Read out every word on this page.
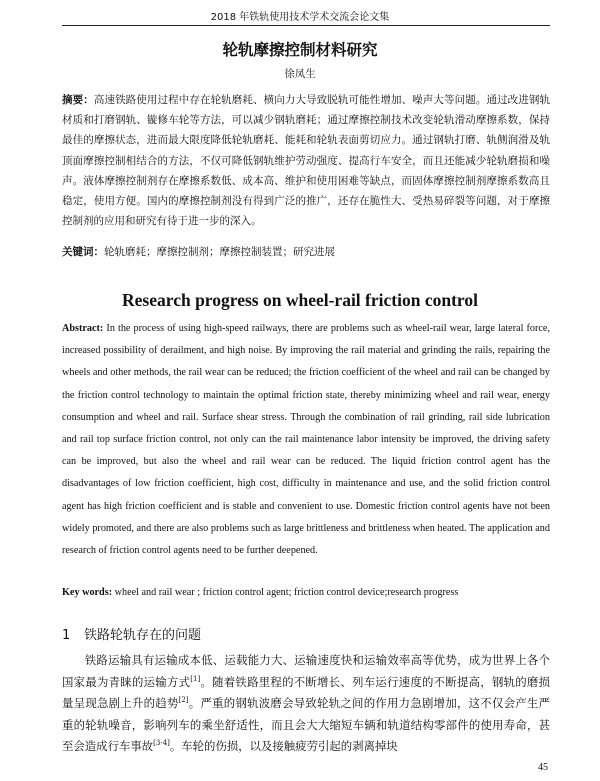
2018 年铁轨使用技术学术交流会论文集
轮轨摩擦控制材料研究
徐凤生
摘要：高速铁路使用过程中存在轮轨磨耗、横向力大导致脱轨可能性增加、噪声大等问题。通过改进钢轨材质和打磨钢轨、镟修车轮等方法，可以减少钢轨磨耗；通过摩擦控制技术改变轮轨滑动摩擦系数，保持最佳的摩擦状态，进而最大限度降低轮轨磨耗、能耗和轮轨表面剪切应力。通过钢轨打磨、轨侧润滑及轨顶面摩擦控制相结合的方法，不仅可降低钢轨维护劳动强度、提高行车安全，而且还能减少轮轨磨损和噪声。液体摩擦控制剂存在摩擦系数低、成本高、维护和使用困难等缺点，而固体摩擦控制剂摩擦系数高且稳定，使用方便。国内的摩擦控制剂没有得到广泛的推广，还存在脆性大、受热易碎裂等问题，对于摩擦控制剂的应用和研究有待于进一步的深入。
关键词：轮轨磨耗；摩擦控制剂；摩擦控制装置；研究进展
Research progress on wheel-rail friction control
Abstract: In the process of using high-speed railways, there are problems such as wheel-rail wear, large lateral force, increased possibility of derailment, and high noise. By improving the rail material and grinding the rails, repairing the wheels and other methods, the rail wear can be reduced; the friction coefficient of the wheel and rail can be changed by the friction control technology to maintain the optimal friction state, thereby minimizing wheel and rail wear, energy consumption and wheel and rail. Surface shear stress. Through the combination of rail grinding, rail side lubrication and rail top surface friction control, not only can the rail maintenance labor intensity be improved, the driving safety can be improved, but also the wheel and rail wear can be reduced. The liquid friction control agent has the disadvantages of low friction coefficient, high cost, difficulty in maintenance and use, and the solid friction control agent has high friction coefficient and is stable and convenient to use. Domestic friction control agents have not been widely promoted, and there are also problems such as large brittleness and brittleness when heated. The application and research of friction control agents need to be further deepened.
Key words: wheel and rail wear ; friction control agent; friction control device;research progress
1 铁路轮轨存在的问题
铁路运输具有运输成本低、运载能力大、运输速度快和运输效率高等优势，成为世界上各个国家最为青睐的运输方式[1]。随着铁路里程的不断增长、列车运行速度的不断提高，钢轨的磨损量呈现急剧上升的趋势[2]。严重的钢轨波磨会导致轮轨之间的作用力急剧增加，这不仅会产生严重的轮轨噪音，影响列车的乘坐舒适性，而且会大大缩短车辆和轨道结构零部件的使用寿命，甚至会造成行车事故[3-4]。车轮的伤损，以及接触疲劳引起的剥离掉块
45
